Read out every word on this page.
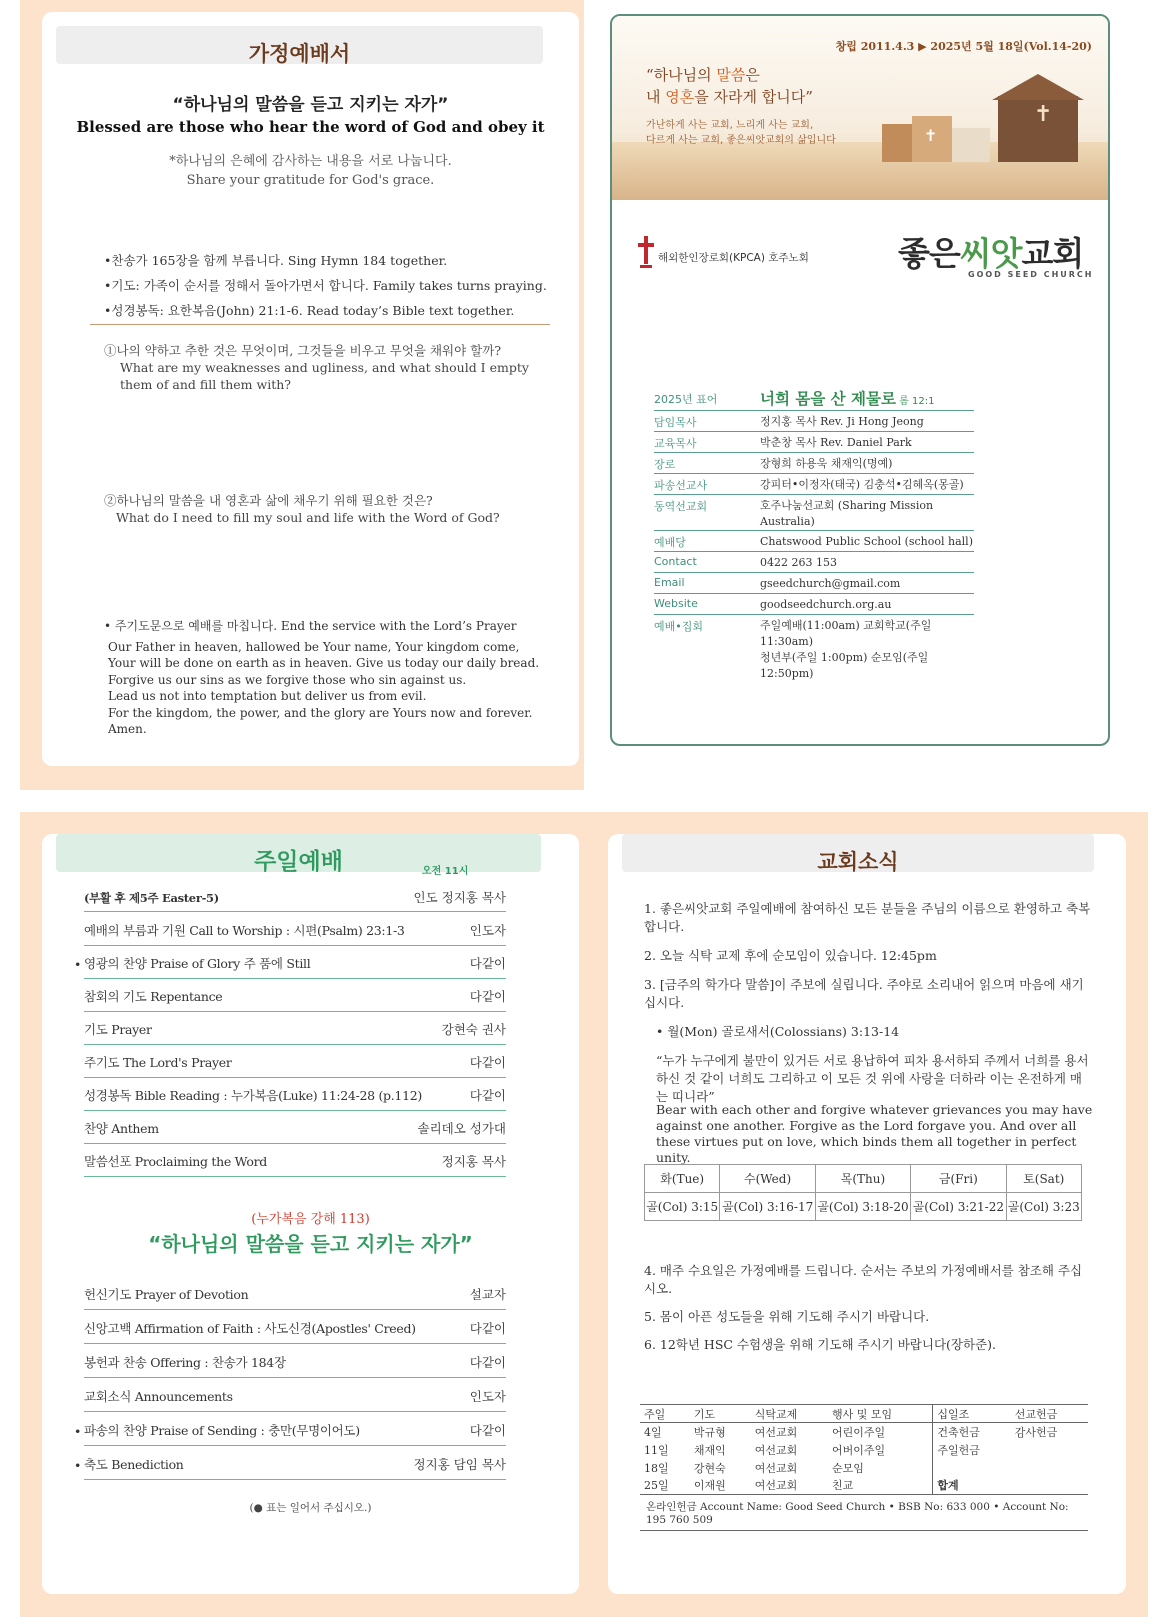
가정예배서
“하나님의 말씀을 듣고 지키는 자가”
Blessed are those who hear the word of God and obey it
*하나님의 은혜에 감사하는 내용을 서로 나눕니다.
Share your gratitude for God's grace.
•찬송가 165장을 함께 부릅니다. Sing Hymn 184 together.
•기도: 가족이 순서를 정해서 돌아가면서 합니다. Family takes turns praying.
•성경봉독: 요한복음(John) 21:1-6. Read today’s Bible text together.
①나의 약하고 추한 것은 무엇이며, 그것들을 비우고 무엇을 채워야 할까?
What are my weaknesses and ugliness, and what should I empty them of and fill them with?
②하나님의 말씀을 내 영혼과 삶에 채우기 위해 필요한 것은?
What do I need to fill my soul and life with the Word of God?
• 주기도문으로 예배를 마칩니다. End the service with the Lord’s Prayer
Our Father in heaven, hallowed be Your name, Your kingdom come,
Your will be done on earth as in heaven. Give us today our daily bread.
Forgive us our sins as we forgive those who sin against us.
Lead us not into temptation but deliver us from evil.
For the kingdom, the power, and the glory are Yours now and forever. Amen.
✝
✝
창립 2011.4.3 ▶ 2025년 5월 18일(Vol.14-20)
“하나님의 말씀은
내 영혼을 자라게 합니다”
가난하게 사는 교회, 느리게 사는 교회,
다르게 사는 교회, 좋은씨앗교회의 삶입니다
해외한인장로회(KPCA) 호주노회	좋은씨앗교회
GOOD SEED CHURCH
2025년 표어	너희 몸을 산 제물로 롬 12:1
담임목사	정지홍 목사 Rev. Ji Hong Jeong
교육목사	박춘창 목사 Rev. Daniel Park
장로	장형희 하용욱 채재익(명예)
파송선교사	강피터•이정자(태국) 김충석•김혜옥(몽골)
동역선교회	호주나눔선교회 (Sharing Mission Australia)
예배당	Chatswood Public School (school hall)
Contact	0422 263 153
Email	gseedchurch@gmail.com
Website	goodseedchurch.org.au
예배•집회	주일예배(11:00am) 교회학교(주일 11:30am)
청년부(주일 1:00pm) 순모임(주일 12:50pm)
주일예배	오전 11시
(부활 후 제5주 Easter-5)	인도 정지홍 목사
예배의 부름과 기원 Call to Worship : 시편(Psalm) 23:1-3	인도자
• 영광의 찬양 Praise of Glory 주 품에 Still	다같이
참회의 기도 Repentance	다같이
기도 Prayer	강현숙 권사
주기도 The Lord's Prayer	다같이
성경봉독 Bible Reading : 누가복음(Luke) 11:24-28 (p.112)	다같이
찬양 Anthem	솔리데오 성가대
말씀선포 Proclaiming the Word	정지홍 목사
(누가복음 강해 113)
“하나님의 말씀을 듣고 지키는 자가”
헌신기도 Prayer of Devotion	설교자
신앙고백 Affirmation of Faith : 사도신경(Apostles' Creed)	다같이
봉헌과 찬송 Offering : 찬송가 184장	다같이
교회소식 Announcements	인도자
• 파송의 찬양 Praise of Sending : 충만(무명이어도)	다같이
• 축도 Benediction	정지홍 담임 목사
(● 표는 일어서 주십시오.)
교회소식

1. 좋은씨앗교회 주일예배에 참여하신 모든 분들을 주님의 이름으로 환영하고 축복합니다.

2. 오늘 식탁 교제 후에 순모임이 있습니다. 12:45pm

3. [금주의 학가다 말씀]이 주보에 실립니다. 주야로 소리내어 읽으며 마음에 새기십시다.

• 월(Mon) 골로새서(Colossians) 3:13-14

“누가 누구에게 불만이 있거든 서로 용납하여 피차 용서하되 주께서 너희를 용서하신 것 같이 너희도 그리하고 이 모든 것 위에 사랑을 더하라 이는 온전하게 매는 띠니라”

Bear with each other and forgive whatever grievances you may have against one another. Forgive as the Lord forgave you. And over all these virtues put on love, which binds them all together in perfect unity.

화(Tue)	수(Wed)	목(Thu)	금(Fri)	토(Sat)
골(Col) 3:15	골(Col) 3:16-17	골(Col) 3:18-20	골(Col) 3:21-22	골(Col) 3:23

4. 매주 수요일은 가정예배를 드립니다. 순서는 주보의 가정예배서를 참조해 주십시오.

5. 몸이 아픈 성도들을 위해 기도해 주시기 바랍니다.

6. 12학년 HSC 수험생을 위해 기도해 주시기 바랍니다(장하준).

주일	기도	식탁교제	행사 및 모임	십일조	선교헌금
4일	박규형	여선교회	어린이주일	건축헌금	감사헌금
11일	채재익	여선교회	어버이주일	주일헌금	
18일	강현숙	여선교회	순모임		
25일	이재원	여선교회	친교	합계	
온라인헌금 Account Name: Good Seed Church • BSB No: 633 000 • Account No: 195 760 509
